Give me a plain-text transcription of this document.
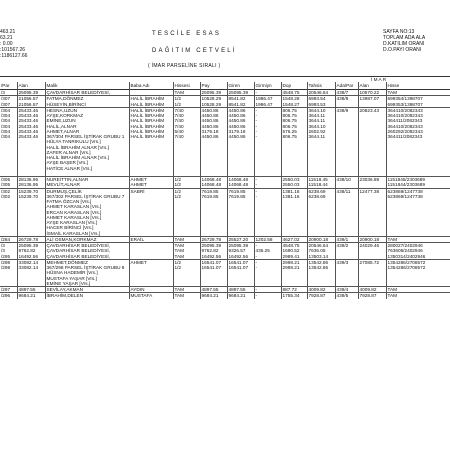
463.21
63.21
: 0.00
:101567.26
:1186127.66
SAYFA NO:13
TOPLAM ADA ALA
D.KATILIM ORANI
D.O.PAYI ORANI
TESCİLE ESAS
DAĞITIM CETVELİ
( İMAR PARSELİNE SIRALI )
									İ M A R			
/Par	Alan	Malik	Baba Adı	Hissesi	Pay	Giren	Girmiyn	Dop	Tahsis	Ada/Par	Alan	Hisse
/3	25095.39	ÇAVDARHİSAR BELEDİYESİ,		TAM	25095.39	25095.39	-	4548.75	20546.64	438/7	10570.22	TAM
/307	21056.57	FATMA,DÖNMEZ	HALİL İBRAHİM	1/2	10528.29	8541.82	1986.47	1548.28	6993.54	438/8	13987.07	699354/1398707
/307	21056.57	HÜSEYİN,BİRİNCİ	HALİL İBRAHİM	1/2	10528.29	8541.82	1986.47	1548.27	6993.53			699353/1398707
/304	25433.46	HESNA,UZUN	HALİL İBRAHİM	7/40	4450.86	4450.86	-	806.75	3644.10	438/9	20823.43	364410/2082343
/304	25433.46	AYŞE,KORKMAZ	HALİL İBRAHİM	7/40	4450.86	4450.86	-	806.75	3644.11			364410/2082343
/304	25433.46	EMİNE,UZUN	HALİL İBRAHİM	7/40	4450.86	4450.86	-	806.75	3644.11			364411/2082343
/304	25433.46	HALİL,ALNAR	HALİL İBRAHİM	7/40	4450.86	4450.86	-	806.75	3644.10			364410/2082343
/304	25433.46	AHMET,ALNAR	HALİL İBRAHİM	5/40	3179.18	3179.18	-	576.25	2602.92			260292/2082343
/304	25433.46	367/304 PARSEL İŞTİRAK GRUBU 1	HALİL İBRAHİM	7/40	4450.86	4450.86	-	806.75	3644.11			364411/2082343
		HÜLYA TANRIKULU [Vrs.]										
		HALİL İBRAHİM ALNAR [Vrs.]										
		ZAFER ALNAR [Vrs.]										
		HALİL İBRAHİM ALNAR [Vrs.]										
		AYŞE BAŞER [Vrs.]										
		HATİCE ALNAR [Vrs.]										

/305	28136.95	NUREITTIN,ALNAR	AHMET	1/2	14068.48	14068.48	-	2550.03	11518.45	438/10	23036.89	1151845/2303689
/305	28136.95	MEVLİT,ALNAR	AHMET	1/2	14068.48	14068.48	-	2550.03	11518.44			1151844/2303689
/302	15239.70	DURMUŞ,ÇELİK	SABRİ	1/2	7619.85	7619.85	-	1381.16	6238.69	438/11	12477.38	623869/1247738
/302	15239.70	367/302 PARSEL İŞTİRAK GRUBU 7		1/2	7619.85	7619.85	-	1381.16	6238.69			623869/1247738
		FATMA ÖZCAN [Vrs.]										
		AHMET KARASLAN [Vrs.]										
		ERCAN KARASLAN [Vrs.]										
		AHMET KARASLAN [Vrs.]										
		AYŞE KARASLAN [Vrs.]										
		HACER BİRİNCİ [Vrs.]										
		İSMAİL KARASLAN [Vrs.]										
/284	26729.78	ALİ OSMAN,KORKMAZ	ERAİL	TAM	26729.78	25527.20	1202.58	4627.02	20900.18	439/1	20900.18	TAM
/3	25095.39	ÇAVDARHİSAR BELEDİYESİ,		TAM	25095.39	25095.39	-	4548.75	20546.64	439/2	24029.46	280027/2402946
/3	9762.82	ÇAVDARHİSAR BELEDİYESİ,		TAM	9762.82	9326.57	436.25	1690.52	7636.05			763605/2402946
/295	16492.56	ÇAVDARHİSAR BELEDİYESİ,		TAM	16492.56	16492.56	-	2989.41	13503.14			1350314/2402946
/298	33082.14	MEHMET,DÖNMEZ	AHMET	1/2	16541.07	16541.07	-	2998.21	13542.86	439/3	27085.72	1354286/2708572
/298	33082.14	367/298 PARSEL İŞTİRAK GRUBU 9		1/2	16541.07	16541.07	-	2998.21	13542.86			1354286/2708572
		HÜSNA HADEMİR [Vrs.]										
		MUSTAFA YAŞAR [Vrs.]										
		EMİNE YAŞAR [Vrs.]										
/297	4897.55	SEVİLAY,AKMAN	AYDIN	TAM	4897.55	4897.55	-	887.72	4009.82	439/4	4009.82	TAM
/296	9684.21	İBRAHİM,DELEN	MUSTAFA	TAM	9684.21	9684.21	-	1755.34	7928.87	439/5	7928.87	TAM
